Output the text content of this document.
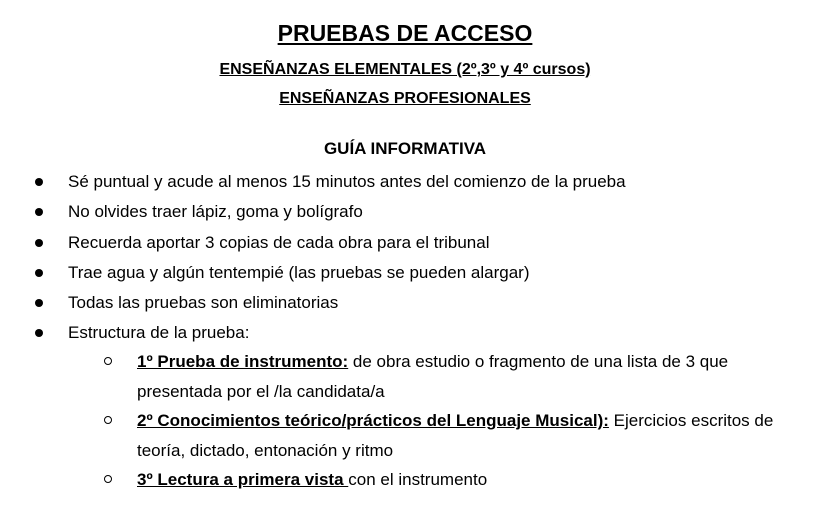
PRUEBAS DE ACCESO
ENSEÑANZAS ELEMENTALES (2º,3º y 4º cursos)
ENSEÑANZAS PROFESIONALES
GUÍA INFORMATIVA
Sé puntual y acude al menos 15 minutos antes del comienzo de la prueba
No olvides traer lápiz, goma y bolígrafo
Recuerda aportar 3 copias de cada obra para el tribunal
Trae agua y algún tentempié (las pruebas se pueden alargar)
Todas las pruebas son eliminatorias
Estructura de la prueba:
1º Prueba de instrumento: de obra estudio o fragmento de una lista de 3 que presentada por el /la candidata/a
2º Conocimientos teórico/prácticos del Lenguaje Musical): Ejercicios escritos de teoría, dictado, entonación y ritmo
3º Lectura a primera vista con el instrumento
